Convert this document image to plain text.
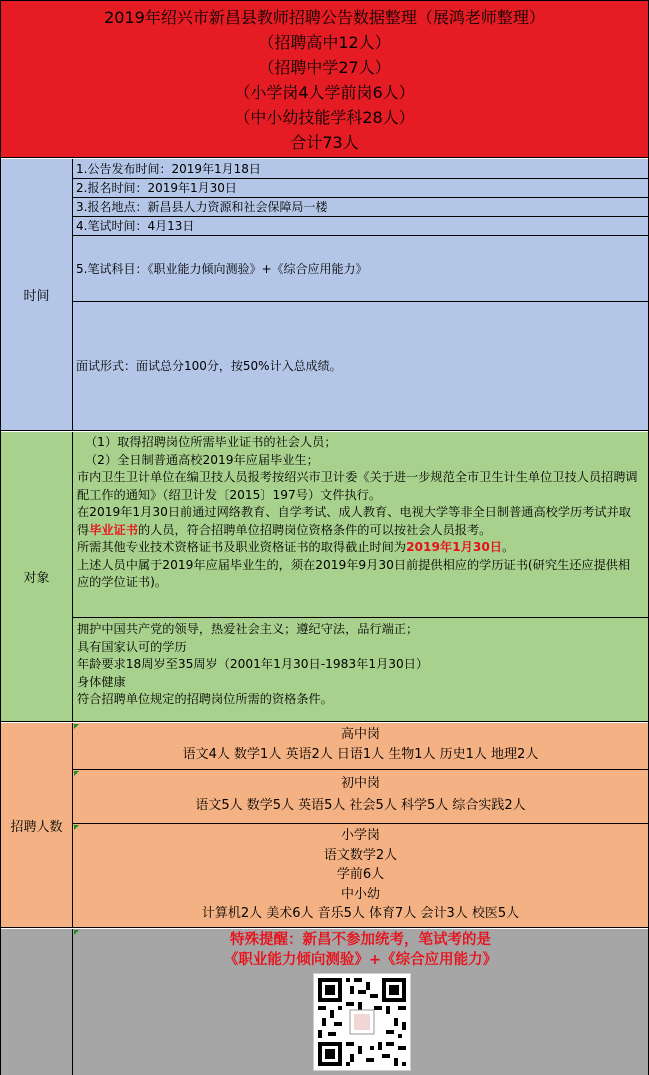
2019年绍兴市新昌县教师招聘公告数据整理（展鸿老师整理）
（招聘高中12人）
（招聘中学27人）
（小学岗4人学前岗6人）
（中小幼技能学科28人）
合计73人
时间
1.公告发布时间：2019年1月18日
2.报名时间：2019年1月30日
3.报名地点：新昌县人力资源和社会保障局一楼
4.笔试时间：4月13日
5.笔试科目：《职业能力倾向测验》+《综合应用能力》
面试形式：面试总分100分，按50%计入总成绩。
对象
（1）取得招聘岗位所需毕业证书的社会人员；
（2）全日制普通高校2019年应届毕业生；
市内卫生卫计单位在编卫技人员报考按绍兴市卫计委《关于进一步规范全市卫生计生单位卫技人员招聘调配工作的通知》（绍卫计发〔2015〕197号）文件执行。
在2019年1月30日前通过网络教育、自学考试、成人教育、电视大学等非全日制普通高校学历考试并取得毕业证书的人员，符合招聘单位招聘岗位资格条件的可以按社会人员报考。
所需其他专业技术资格证书及职业资格证书的取得截止时间为2019年1月30日。
上述人员中属于2019年应届毕业生的，须在2019年9月30日前提供相应的学历证书(研究生还应提供相应的学位证书)。
拥护中国共产党的领导，热爱社会主义；遵纪守法，品行端正；
具有国家认可的学历
年龄要求18周岁至35周岁（2001年1月30日-1983年1月30日）
身体健康
符合招聘单位规定的招聘岗位所需的资格条件。
招聘人数
高中岗
语文4人 数学1人 英语2人 日语1人 生物1人 历史1人 地理2人
初中岗
语文5人 数学5人 英语5人 社会5人 科学5人 综合实践2人
小学岗
语文数学2人
学前6人
中小幼
计算机2人 美术6人 音乐5人 体育7人 会计3人 校医5人
特殊提醒：新昌不参加统考，笔试考的是
《职业能力倾向测验》+《综合应用能力》
